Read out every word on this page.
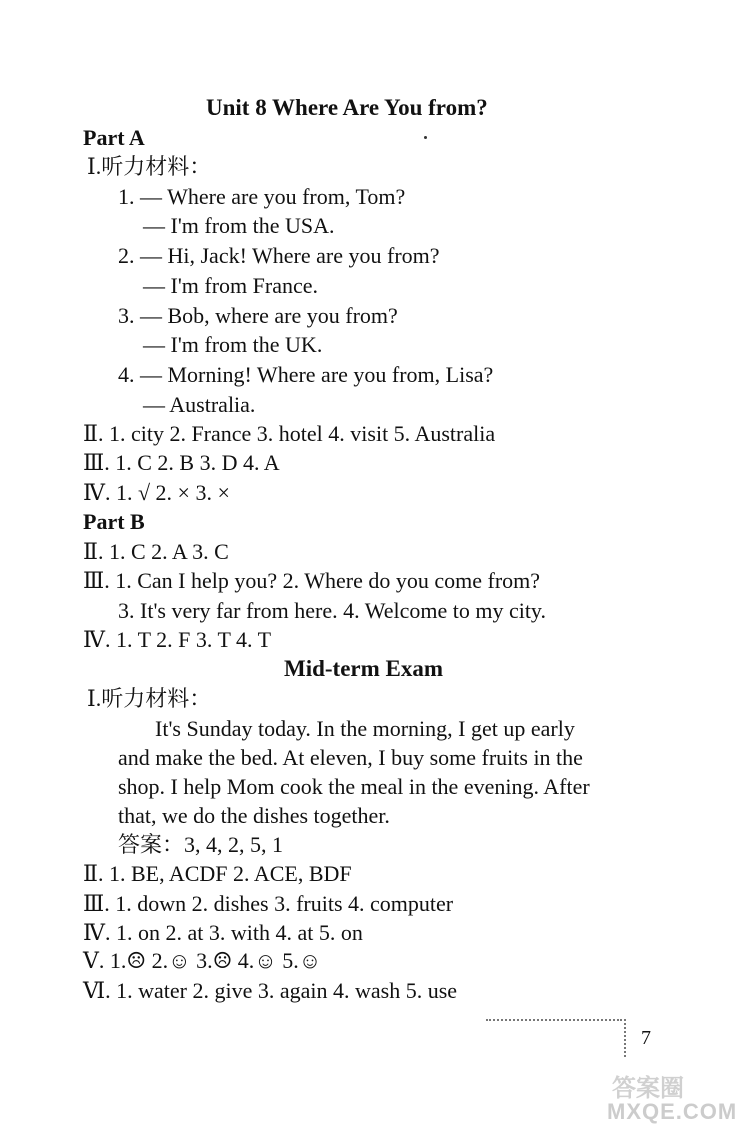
Unit 8 Where Are You from?
Part A
Ⅰ.听力材料：
1. — Where are you from, Tom?
— I'm from the USA.
2. — Hi, Jack! Where are you from?
— I'm from France.
3. — Bob, where are you from?
— I'm from the UK.
4. — Morning! Where are you from, Lisa?
— Australia.
Ⅱ. 1. city 2. France 3. hotel 4. visit 5. Australia
Ⅲ. 1. C 2. B 3. D 4. A
Ⅳ. 1. √ 2. × 3. ×
Part B
Ⅱ. 1. C 2. A 3. C
Ⅲ. 1. Can I help you? 2. Where do you come from?
3. It's very far from here. 4. Welcome to my city.
Ⅳ. 1. T 2. F 3. T 4. T
Mid-term Exam
Ⅰ.听力材料：
It's Sunday today. In the morning, I get up early
and make the bed. At eleven, I buy some fruits in the
shop. I help Mom cook the meal in the evening. After
that, we do the dishes together.
答案：3, 4, 2, 5, 1
Ⅱ. 1. BE, ACDF 2. ACE, BDF
Ⅲ. 1. down 2. dishes 3. fruits 4. computer
Ⅳ. 1. on 2. at 3. with 4. at 5. on
Ⅴ. 1.☹ 2.☺ 3.☹ 4.☺ 5.☺
Ⅵ. 1. water 2. give 3. again 4. wash 5. use
7
答案圈
MXQE.COM
